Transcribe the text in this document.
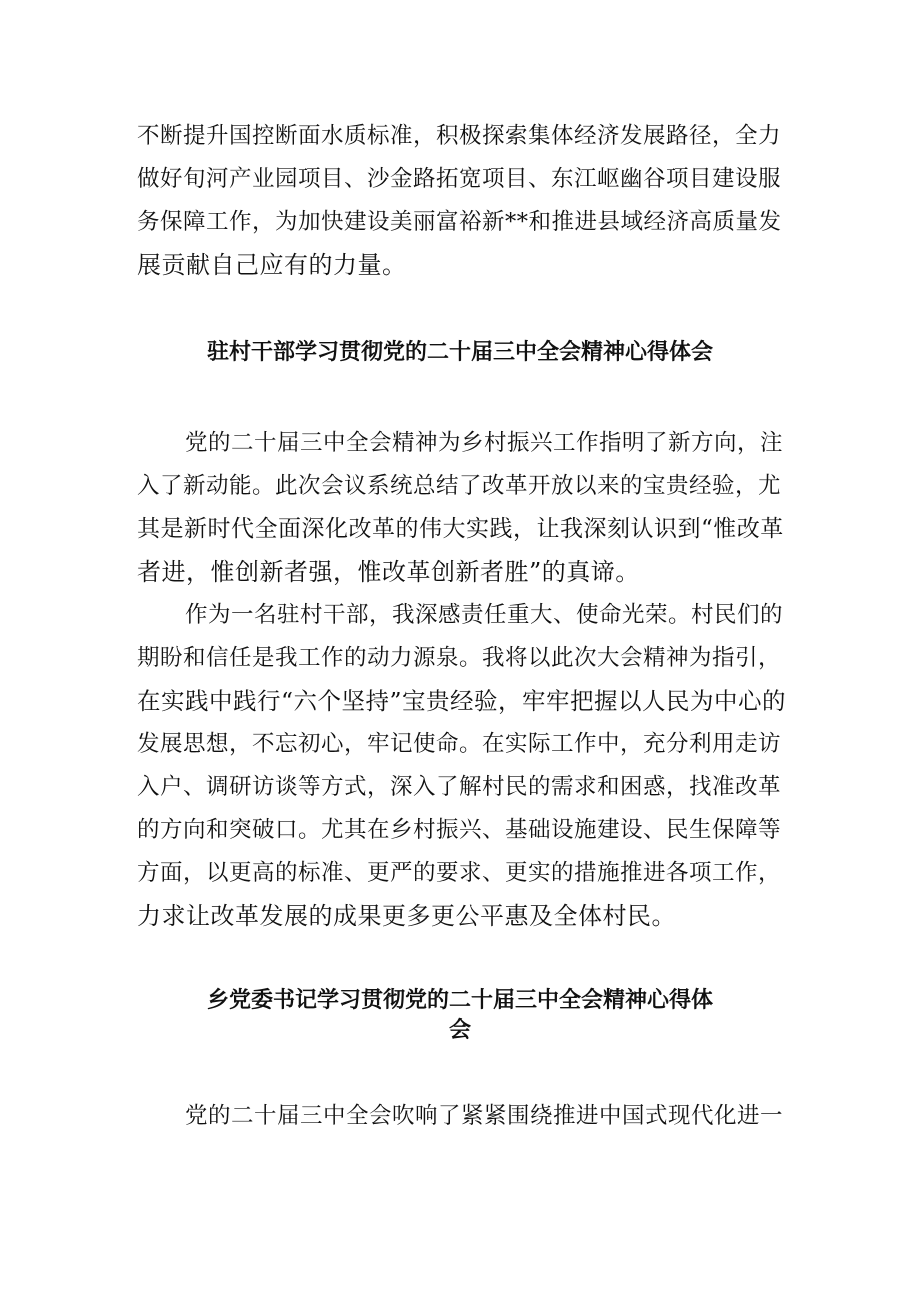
不断提升国控断面水质标准，积极探索集体经济发展路径，全力
做好旬河产业园项目、沙金路拓宽项目、东江岖幽谷项目建设服
务保障工作，为加快建设美丽富裕新**和推进县域经济高质量发
展贡献自己应有的力量。
驻村干部学习贯彻党的二十届三中全会精神心得体会
党的二十届三中全会精神为乡村振兴工作指明了新方向，注
入了新动能。此次会议系统总结了改革开放以来的宝贵经验，尤
其是新时代全面深化改革的伟大实践，让我深刻认识到“惟改革
者进，惟创新者强，惟改革创新者胜”的真谛。
作为一名驻村干部，我深感责任重大、使命光荣。村民们的
期盼和信任是我工作的动力源泉。我将以此次大会精神为指引，
在实践中践行“六个坚持”宝贵经验，牢牢把握以人民为中心的
发展思想，不忘初心，牢记使命。在实际工作中，充分利用走访
入户、调研访谈等方式，深入了解村民的需求和困惑，找准改革
的方向和突破口。尤其在乡村振兴、基础设施建设、民生保障等
方面，以更高的标准、更严的要求、更实的措施推进各项工作，
力求让改革发展的成果更多更公平惠及全体村民。
乡党委书记学习贯彻党的二十届三中全会精神心得体
会
党的二十届三中全会吹响了紧紧围绕推进中国式现代化进一
